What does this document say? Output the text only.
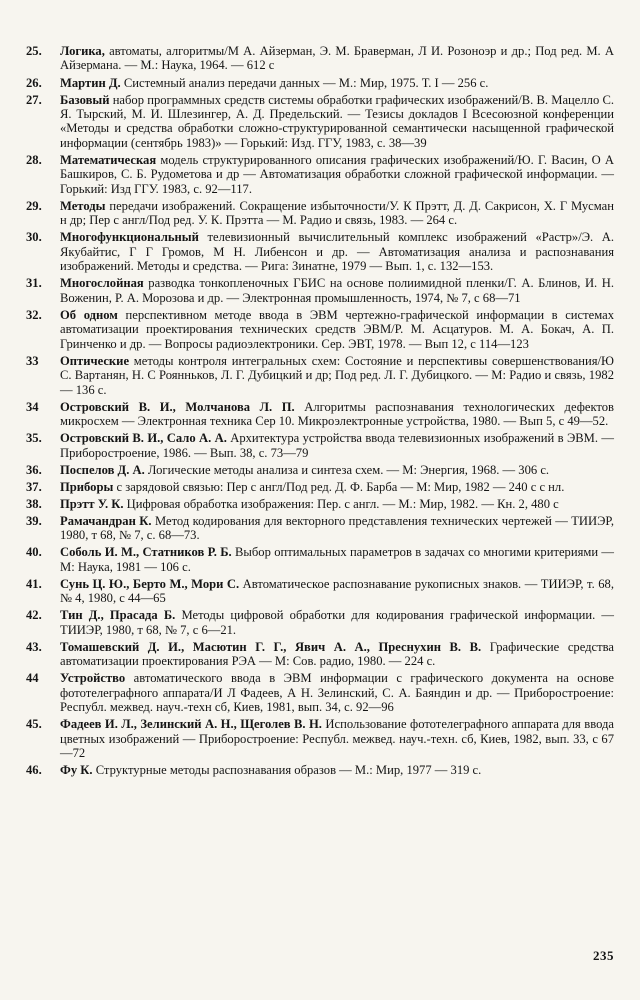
25.	Логика, автоматы, алгоритмы/М А. Айзерман, Э. М. Браверман, Л И. Розоноэр и др.; Под ред. М. А Айзермана. — М.: Наука, 1964. — 612 с
26.	Мартин Д. Системный анализ передачи данных — М.: Мир, 1975. Т. I — 256 с.
27.	Базовый набор программных средств системы обработки графических изображений/В. В. Мацелло С. Я. Тырский, М. И. Шлезингер, А. Д. Предельский. — Тезисы докладов I Всесоюзной конференции «Методы и средства обработки сложно-структурированной семантически насыщенной графической информации (сентябрь 1983)» — Горький: Изд. ГГУ, 1983, с. 38—39
28.	Математическая модель структурированного описания графических изображений/Ю. Г. Васин, О А Башкиров, С. Б. Рудометова и др — Автоматизация обработки сложной графической информации. — Горький: Изд ГГУ. 1983, с. 92—117.
29.	Методы передачи изображений. Сокращение избыточности/У. К Прэтт, Д. Д. Сакрисон, Х. Г Мусман н др; Пер с англ/Под ред. У. К. Прэтта — М. Радио и связь, 1983. — 264 с.
30.	Многофункциональный телевизионный вычислительный комплекс изображений «Растр»/Э. А. Якубайтис, Г Г Громов, М Н. Либенсон и др. — Автоматизация анализа и распознавания изображений. Методы и средства. — Рига: Зинатне, 1979 — Вып. 1, с. 132—153.
31.	Многослойная разводка тонкопленочных ГБИС на основе полиимидной пленки/Г. А. Блинов, И. Н. Воженин, Р. А. Морозова и др. — Электронная промышленность, 1974, № 7, с 68—71
32.	Об одном перспективном методе ввода в ЭВМ чертежно-графической информации в системах автоматизации проектирования технических средств ЭВМ/Р. М. Асцатуров. М. А. Бокач, А. П. Гринченко и др. — Вопросы радиоэлектроники. Сер. ЭВТ, 1978. — Вып 12, с 114—123
33	Оптические методы контроля интегральных схем: Состояние и перспективы совершенствования/Ю С. Вартанян, Н. С Роянньков, Л. Г. Дубицкий и др; Под ред. Л. Г. Дубицкого. — М: Радио и связь, 1982 — 136 с.
34	Островский В. И., Молчанова Л. П. Алгоритмы распознавания технологических дефектов микросхем — Электронная техника Сер 10. Микроэлектронные устройства, 1980. — Вып 5, с 49—52.
35.	Островский В. И., Сало А. А. Архитектура устройства ввода телевизионных изображений в ЭВМ. — Приборостроение, 1986. — Вып. 38, с. 73—79
36.	Поспелов Д. А. Логические методы анализа и синтеза схем. — М: Энергия, 1968. — 306 с.
37.	Приборы с зарядовой связью: Пер с англ/Под ред. Д. Ф. Барба — М: Мир, 1982 — 240 с с нл.
38.	Прэтт У. К. Цифровая обработка изображения: Пер. с англ. — М.: Мир, 1982. — Кн. 2, 480 с
39.	Рамачандран К. Метод кодирования для векторного представления технических чертежей — ТИИЭР, 1980, т 68, № 7, с. 68—73.
40.	Соболь И. М., Статников Р. Б. Выбор оптимальных параметров в задачах со многими критериями — М: Наука, 1981 — 106 с.
41.	Сунь Ц. Ю., Берто М., Мори С. Автоматическое распознавание рукописных знаков. — ТИИЭР, т. 68, № 4, 1980, с 44—65
42.	Тин Д., Прасада Б. Методы цифровой обработки для кодирования графической информации. — ТИИЭР, 1980, т 68, № 7, с 6—21.
43.	Томашевский Д. И., Масютин Г. Г., Явич А. А., Преснухин В. В. Графические средства автоматизации проектирования РЭА — М: Сов. радио, 1980. — 224 с.
44	Устройство автоматического ввода в ЭВМ информации с графического документа на основе фототелеграфного аппарата/И Л Фадеев, А Н. Зелинский, С. А. Баяндин и др. — Приборостроение: Республ. межвед. науч.-техн сб, Киев, 1981, вып. 34, с. 92—96
45.	Фадеев И. Л., Зелинский А. Н., Щеголев В. Н. Использование фототелеграфного аппарата для ввода цветных изображений — Приборостроение: Республ. межвед. науч.-техн. сб, Киев, 1982, вып. 33, с 67—72
46.	Фу К. Структурные методы распознавания образов — М.: Мир, 1977 — 319 с.
235
